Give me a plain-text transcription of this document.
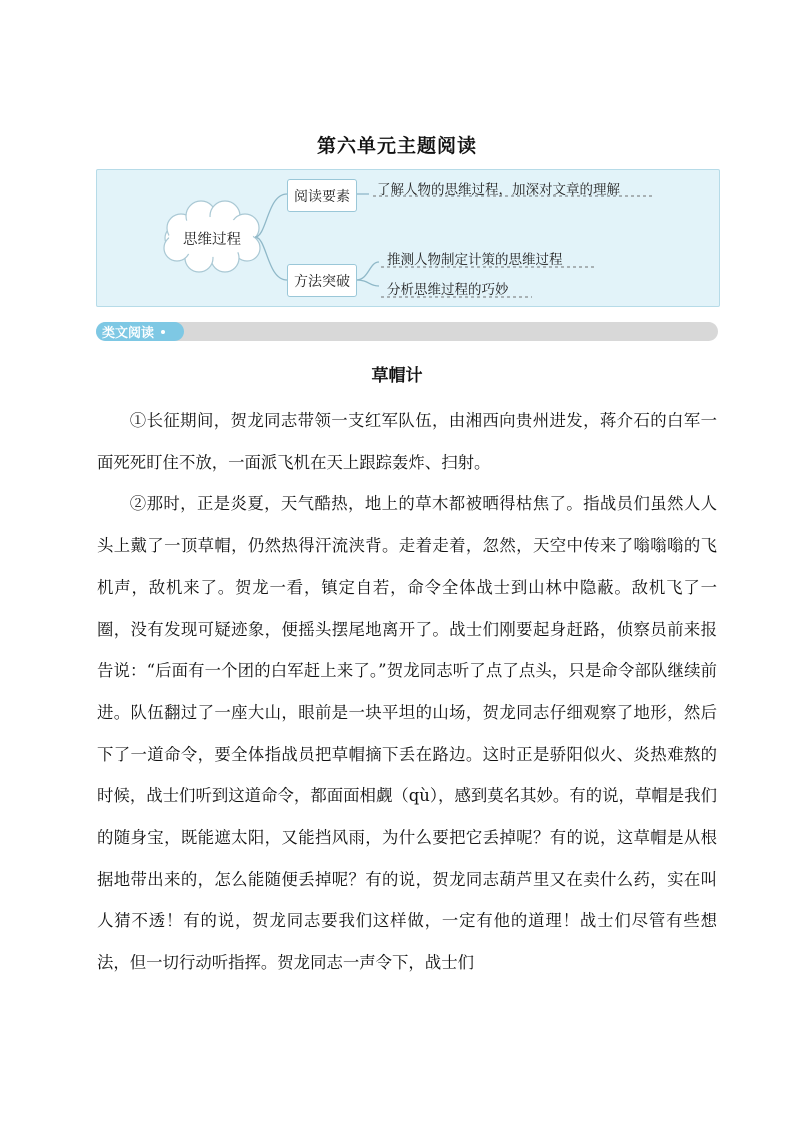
第六单元主题阅读
思维过程
阅读要素
方法突破
了解人物的思维过程，加深对文章的理解
推测人物制定计策的思维过程
分析思维过程的巧妙
类文阅读
草帽计

①长征期间，贺龙同志带领一支红军队伍，由湘西向贵州进发，蒋介石的白军一面死死盯住不放，一面派飞机在天上跟踪轰炸、扫射。

②那时，正是炎夏，天气酷热，地上的草木都被晒得枯焦了。指战员们虽然人人头上戴了一顶草帽，仍然热得汗流浃背。走着走着，忽然，天空中传来了嗡嗡嗡的飞机声，敌机来了。贺龙一看，镇定自若，命令全体战士到山林中隐蔽。敌机飞了一圈，没有发现可疑迹象，便摇头摆尾地离开了。战士们刚要起身赶路，侦察员前来报告说：“后面有一个团的白军赶上来了。”贺龙同志听了点了点头，只是命令部队继续前进。队伍翻过了一座大山，眼前是一块平坦的山场，贺龙同志仔细观察了地形，然后下了一道命令，要全体指战员把草帽摘下丢在路边。这时正是骄阳似火、炎热难熬的时候，战士们听到这道命令，都面面相觑（qù），感到莫名其妙。有的说，草帽是我们的随身宝，既能遮太阳，又能挡风雨，为什么要把它丢掉呢？有的说，这草帽是从根据地带出来的，怎么能随便丢掉呢？有的说，贺龙同志葫芦里又在卖什么药，实在叫人猜不透！有的说，贺龙同志要我们这样做，一定有他的道理！战士们尽管有些想法，但一切行动听指挥。贺龙同志一声令下，战士们
